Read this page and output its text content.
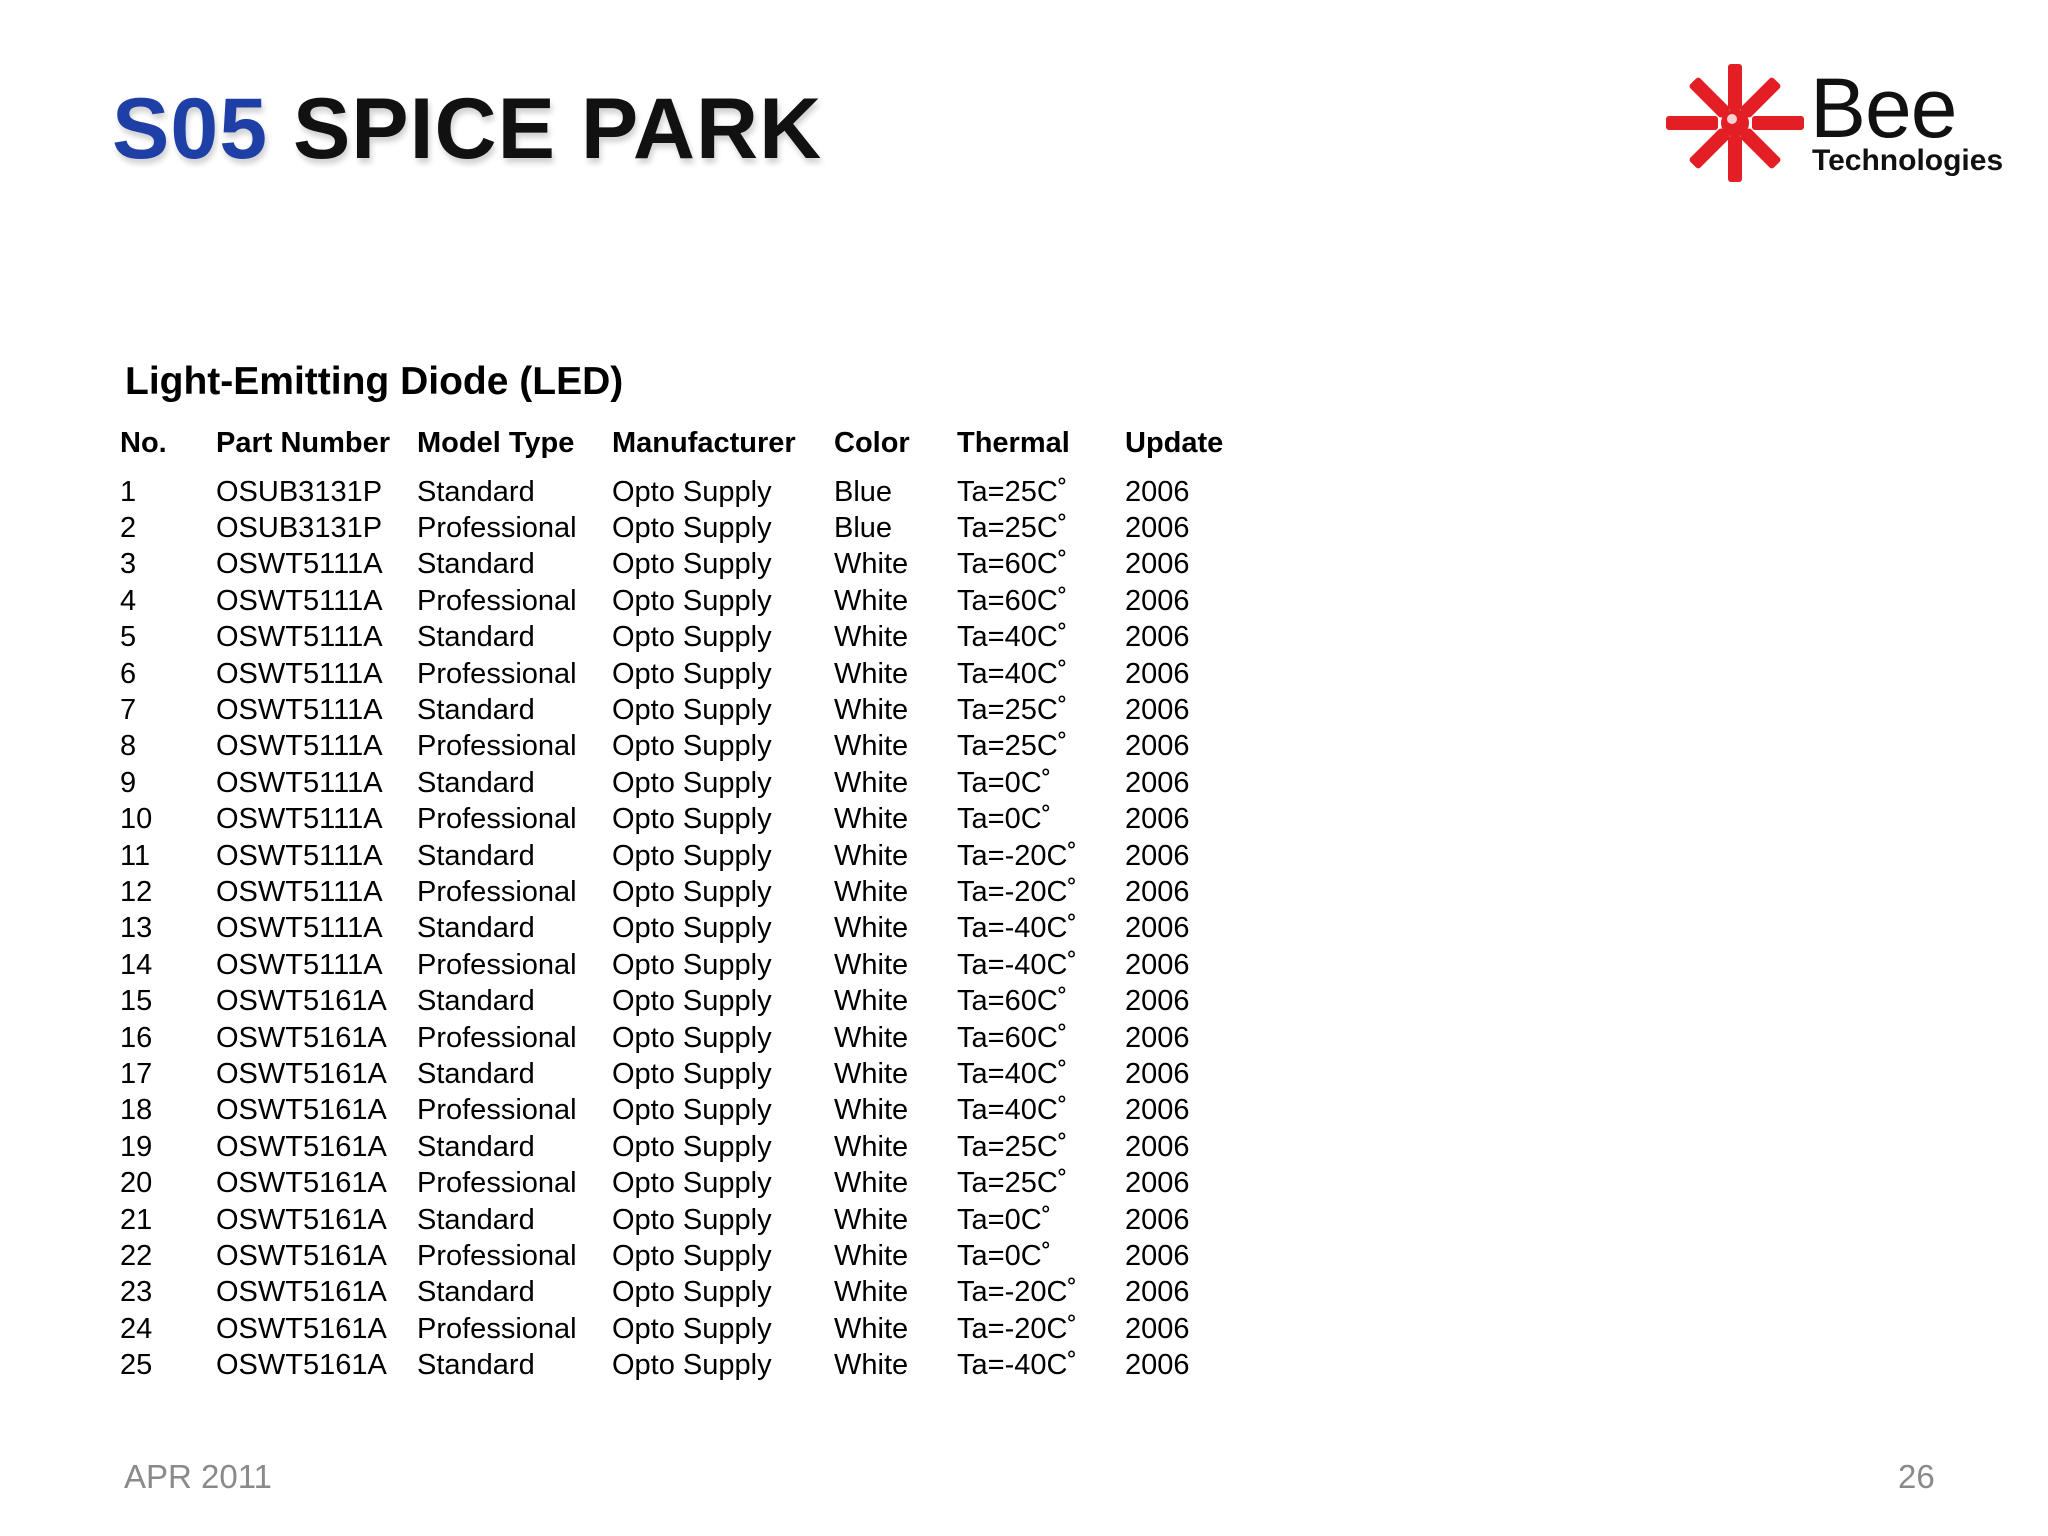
S05 SPICE PARK	Bee
Technologies
Light-Emitting Diode (LED)
No.	Part Number	Model Type	Manufacturer	Color	Thermal	Update

1	OSUB3131P	Standard	Opto Supply	Blue	Ta=25C˚	2006
2	OSUB3131P	Professional	Opto Supply	Blue	Ta=25C˚	2006
3	OSWT5111A	Standard	Opto Supply	White	Ta=60C˚	2006
4	OSWT5111A	Professional	Opto Supply	White	Ta=60C˚	2006
5	OSWT5111A	Standard	Opto Supply	White	Ta=40C˚	2006
6	OSWT5111A	Professional	Opto Supply	White	Ta=40C˚	2006
7	OSWT5111A	Standard	Opto Supply	White	Ta=25C˚	2006
8	OSWT5111A	Professional	Opto Supply	White	Ta=25C˚	2006
9	OSWT5111A	Standard	Opto Supply	White	Ta=0C˚	2006
10	OSWT5111A	Professional	Opto Supply	White	Ta=0C˚	2006
11	OSWT5111A	Standard	Opto Supply	White	Ta=-20C˚	2006
12	OSWT5111A	Professional	Opto Supply	White	Ta=-20C˚	2006
13	OSWT5111A	Standard	Opto Supply	White	Ta=-40C˚	2006
14	OSWT5111A	Professional	Opto Supply	White	Ta=-40C˚	2006
15	OSWT5161A	Standard	Opto Supply	White	Ta=60C˚	2006
16	OSWT5161A	Professional	Opto Supply	White	Ta=60C˚	2006
17	OSWT5161A	Standard	Opto Supply	White	Ta=40C˚	2006
18	OSWT5161A	Professional	Opto Supply	White	Ta=40C˚	2006
19	OSWT5161A	Standard	Opto Supply	White	Ta=25C˚	2006
20	OSWT5161A	Professional	Opto Supply	White	Ta=25C˚	2006
21	OSWT5161A	Standard	Opto Supply	White	Ta=0C˚	2006
22	OSWT5161A	Professional	Opto Supply	White	Ta=0C˚	2006
23	OSWT5161A	Standard	Opto Supply	White	Ta=-20C˚	2006
24	OSWT5161A	Professional	Opto Supply	White	Ta=-20C˚	2006
25	OSWT5161A	Standard	Opto Supply	White	Ta=-40C˚	2006
APR 2011	26
